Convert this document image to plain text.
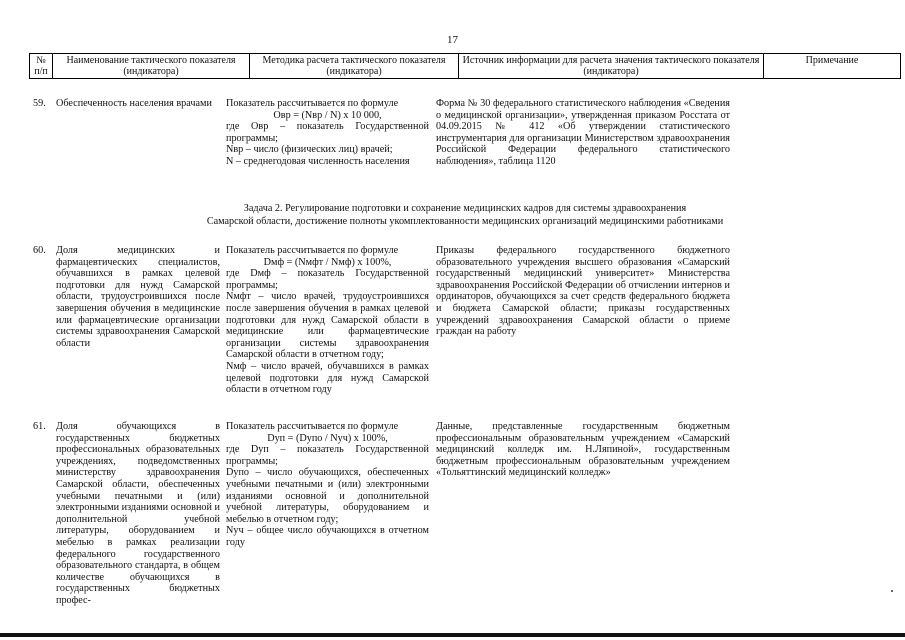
17
№
п/п
Наименование тактического показателя (индикатора)
Методика расчета тактического показателя (индикатора)
Источник информации для расчета значения тактического показателя (индикатора)
Примечание
59. Обеспеченность населения врачами	Показатель рассчитывается по формуле

Oвр = (Nвр / N) x 10 000,

где Oвр – показатель Государственной программы;

Nвр – число (физических лиц) врачей;

N – среднегодовая численность населения

Форма № 30 федерального статистического наблюдения «Сведения о медицинской организации», утвержденная приказом Росстата от 04.09.2015 № 412 «Об утверждении статистического инструментария для организации Министерством здравоохранения Российской Федерации федерального статистического наблюдения», таблица 1120
Задача 2. Регулирование подготовки и сохранение медицинских кадров для системы здравоохранения
Самарской области, достижение полноты укомплектованности медицинских организаций медицинскими работниками
60. Доля медицинских и фармацевтических специалистов, обучавшихся в рамках целевой подготовки для нужд Самарской области, трудоустроившихся после завершения обучения в медицинские или фармацевтические организации системы здравоохранения Самарской области

Показатель рассчитывается по формуле

Dмф = (Nмфт / Nмф) x 100%,

где Dмф – показатель Государственной программы;

Nмфт – число врачей, трудоустроившихся после завершения обучения в рамках целевой подготовки для нужд Самарской области в медицинские или фармацевтические организации системы здравоохранения Самарской области в отчетном году;

Nмф – число врачей, обучавшихся в рамках целевой подготовки для нужд Самарской области в отчетном году

Приказы федерального государственного бюджетного образовательного учреждения высшего образования «Самарский государственный медицинский университет» Министерства здравоохранения Российской Федерации об отчислении интернов и ординаторов, обучающихся за счет средств федерального бюджета и бюджета Самарской области; приказы государственных учреждений здравоохранения Самарской области о приеме граждан на работу
61. Доля обучающихся в государственных бюджетных профессиональных образовательных учреждениях, подведомственных министерству здравоохранения Самарской области, обеспеченных учебными печатными и (или) электронными изданиями основной и дополнительной учебной литературы, оборудованием и мебелью в рамках реализации федерального государственного образовательного стандарта, в общем количестве обучающихся в государственных бюджетных профес-

Показатель рассчитывается по формуле

Dуп = (Dупо / Nуч) x 100%,

где Dуп – показатель Государственной программы;

Dупо – число обучающихся, обеспеченных учебными печатными и (или) электронными изданиями основной и дополнительной учебной литературы, оборудованием и мебелью в отчетном году;

Nуч – общее число обучающихся в отчетном году

Данные, представленные государственным бюджетным профессиональным образовательным учреждением «Самарский медицинский колледж им. Н.Ляпиной», государственным бюджетным профессиональным образовательным учреждением «Тольяттинский медицинский колледж»
